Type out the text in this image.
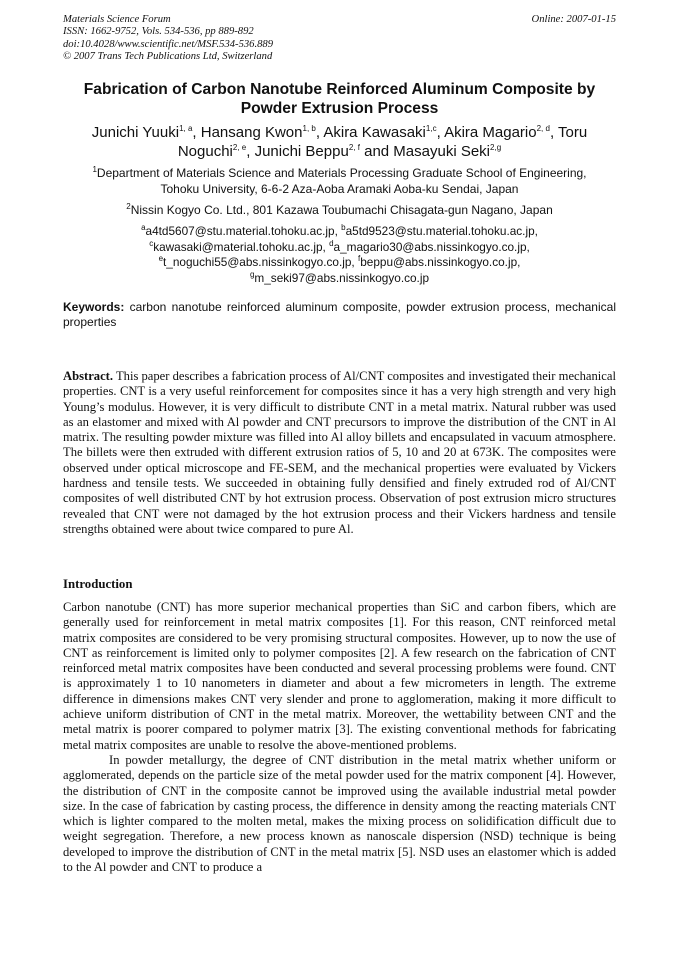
Materials Science Forum
ISSN: 1662-9752, Vols. 534-536, pp 889-892
doi:10.4028/www.scientific.net/MSF.534-536.889
© 2007 Trans Tech Publications Ltd, Switzerland
Online: 2007-01-15
Fabrication of Carbon Nanotube Reinforced Aluminum Composite by
Powder Extrusion Process
Junichi Yuuki$^{1, a}$, Hansang Kwon$^{1, b}$, Akira Kawasaki$^{1,c}$, Akira Magario$^{2, d}$, Toru Noguchi$^{2, e}$, Junichi Beppu$^{2, f}$ and Masayuki Seki$^{2,g}$
$^1$Department of Materials Science and Materials Processing Graduate School of Engineering,
Tohoku University, 6-6-2 Aza-Aoba Aramaki Aoba-ku Sendai, Japan
$^2$Nissin Kogyo Co. Ltd., 801 Kazawa Toubumachi Chisagata-gun Nagano, Japan
$^a$a4td5607@stu.material.tohoku.ac.jp, $^b$a5td9523@stu.material.tohoku.ac.jp,
$^c$kawasaki@material.tohoku.ac.jp, $^d$a_magario30@abs.nissinkogyo.co.jp,
$^e$t_noguchi55@abs.nissinkogyo.co.jp, $^f$beppu@abs.nissinkogyo.co.jp,
$^g$m_seki97@abs.nissinkogyo.co.jp
Keywords: carbon nanotube reinforced aluminum composite, powder extrusion process, mechanical properties

Abstract. This paper describes a fabrication process of Al/CNT composites and investigated their mechanical properties. CNT is a very useful reinforcement for composites since it has a very high strength and very high Young’s modulus. However, it is very difficult to distribute CNT in a metal matrix. Natural rubber was used as an elastomer and mixed with Al powder and CNT precursors to improve the distribution of the CNT in Al matrix. The resulting powder mixture was filled into Al alloy billets and encapsulated in vacuum atmosphere. The billets were then extruded with different extrusion ratios of 5, 10 and 20 at 673K. The composites were observed under optical microscope and FE-SEM, and the mechanical properties were evaluated by Vickers hardness and tensile tests. We succeeded in obtaining fully densified and finely extruded rod of Al/CNT composites of well distributed CNT by hot extrusion process. Observation of post extrusion micro structures revealed that CNT were not damaged by the hot extrusion process and their Vickers hardness and tensile strengths obtained were about twice compared to pure Al.

Introduction

Carbon nanotube (CNT) has more superior mechanical properties than SiC and carbon fibers, which are generally used for reinforcement in metal matrix composites [1]. For this reason, CNT reinforced metal matrix composites are considered to be very promising structural composites. However, up to now the use of CNT as reinforcement is limited only to polymer composites [2]. A few research on the fabrication of CNT reinforced metal matrix composites have been conducted and several processing problems were found. CNT is approximately 1 to 10 nanometers in diameter and about a few micrometers in length. The extreme difference in dimensions makes CNT very slender and prone to agglomeration, making it more difficult to achieve uniform distribution of CNT in the metal matrix. Moreover, the wettability between CNT and the metal matrix is poorer compared to polymer matrix [3]. The existing conventional methods for fabricating metal matrix composites are unable to resolve the above-mentioned problems.

In powder metallurgy, the degree of CNT distribution in the metal matrix whether uniform or agglomerated, depends on the particle size of the metal powder used for the matrix component [4]. However, the distribution of CNT in the composite cannot be improved using the available industrial metal powder size. In the case of fabrication by casting process, the difference in density among the reacting materials CNT which is lighter compared to the molten metal, makes the mixing process on solidification difficult due to weight segregation. Therefore, a new process known as nanoscale dispersion (NSD) technique is being developed to improve the distribution of CNT in the metal matrix [5]. NSD uses an elastomer which is added to the Al powder and CNT to produce a
